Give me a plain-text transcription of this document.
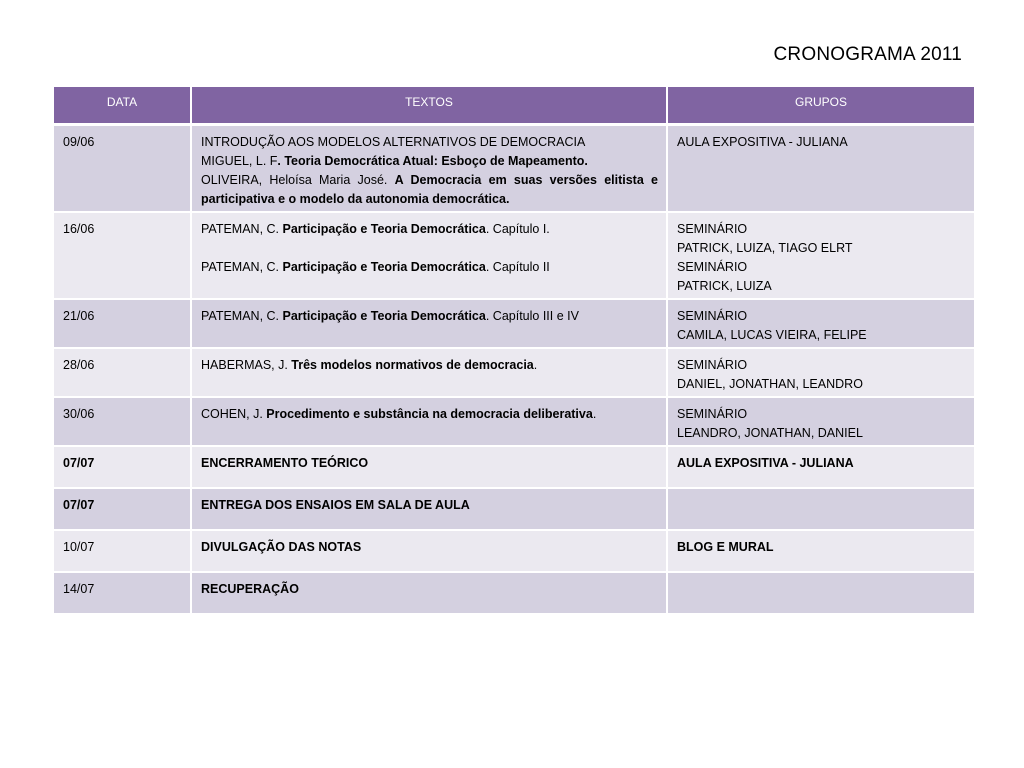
CRONOGRAMA 2011
DATA	TEXTOS	GRUPOS
09/06	INTRODUÇÃO AOS MODELOS ALTERNATIVOS DE DEMOCRACIA
MIGUEL, L. F. Teoria Democrática Atual: Esboço de Mapeamento.
OLIVEIRA, Heloísa Maria José. A Democracia em suas versões elitista e participativa e o modelo da autonomia democrática.	AULA EXPOSITIVA - JULIANA

16/06	PATEMAN, C. Participação e Teoria Democrática. Capítulo I.
PATEMAN, C. Participação e Teoria Democrática. Capítulo II	SEMINÁRIO
PATRICK, LUIZA, TIAGO ELRT
SEMINÁRIO
PATRICK, LUIZA

21/06	PATEMAN, C. Participação e Teoria Democrática. Capítulo III e IV	SEMINÁRIO
CAMILA, LUCAS VIEIRA, FELIPE

28/06	HABERMAS, J. Três modelos normativos de democracia.	SEMINÁRIO
DANIEL, JONATHAN, LEANDRO

30/06	COHEN, J. Procedimento e substância na democracia deliberativa.	SEMINÁRIO
LEANDRO, JONATHAN, DANIEL

07/07	ENCERRAMENTO TEÓRICO	AULA EXPOSITIVA - JULIANA
07/07	ENTREGA DOS ENSAIOS EM SALA DE AULA	
10/07	DIVULGAÇÃO DAS NOTAS	BLOG E MURAL
14/07	RECUPERAÇÃO	
